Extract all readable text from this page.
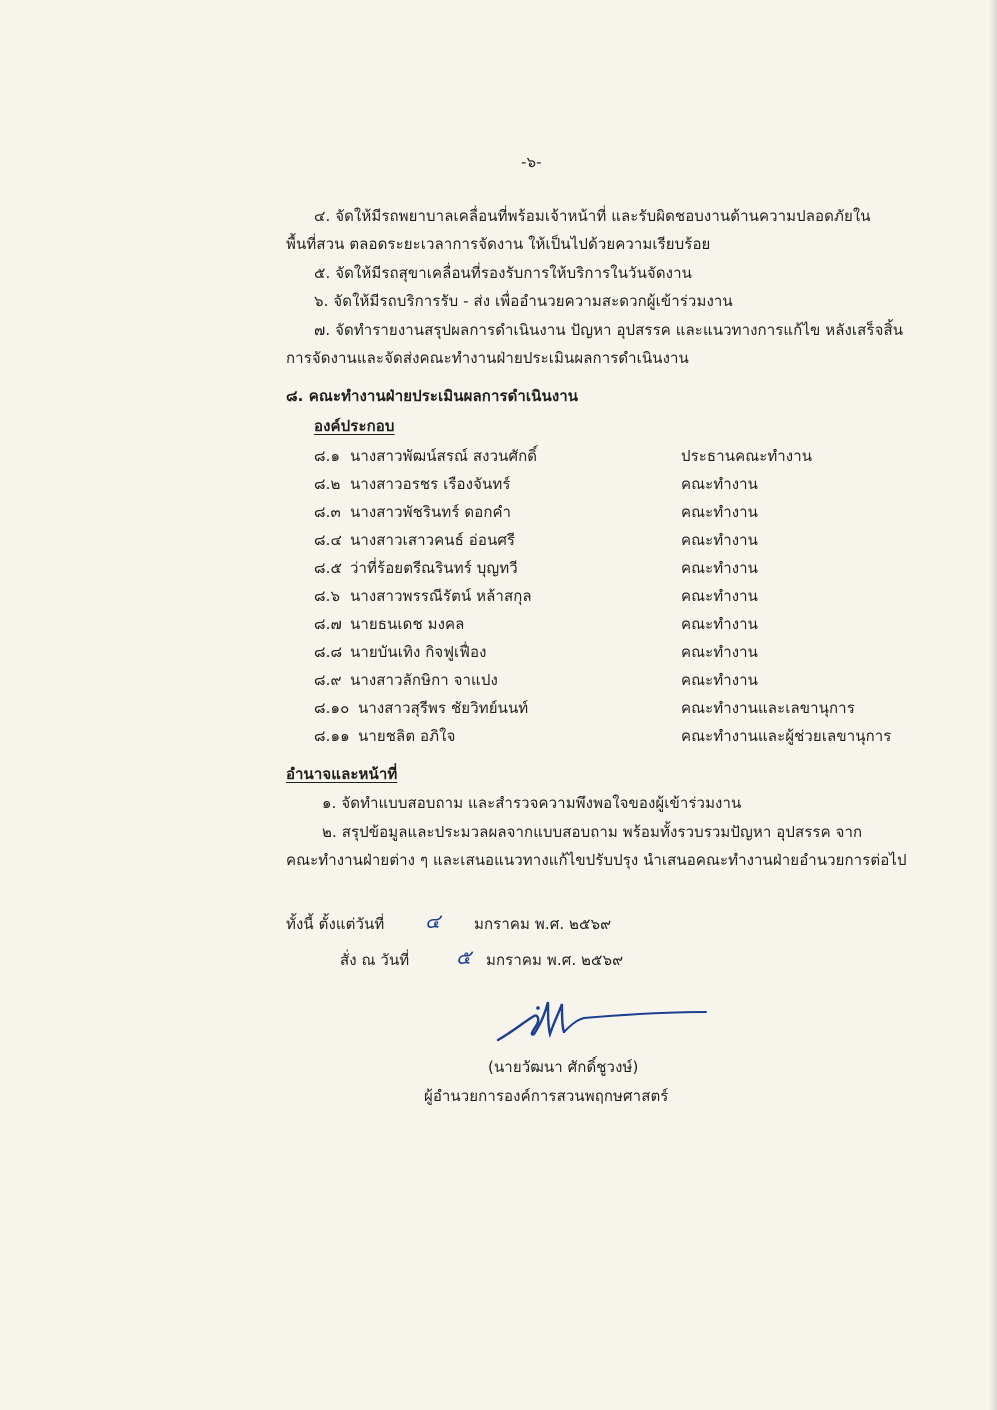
-๖-
๔. จัดให้มีรถพยาบาลเคลื่อนที่พร้อมเจ้าหน้าที่ และรับผิดชอบงานด้านความปลอดภัยใน
พื้นที่สวน ตลอดระยะเวลาการจัดงาน ให้เป็นไปด้วยความเรียบร้อย
๕. จัดให้มีรถสุขาเคลื่อนที่รองรับการให้บริการในวันจัดงาน
๖. จัดให้มีรถบริการรับ - ส่ง เพื่ออำนวยความสะดวกผู้เข้าร่วมงาน
๗. จัดทำรายงานสรุปผลการดำเนินงาน ปัญหา อุปสรรค และแนวทางการแก้ไข หลังเสร็จสิ้น
การจัดงานและจัดส่งคณะทำงานฝ่ายประเมินผลการดำเนินงาน
๘. คณะทำงานฝ่ายประเมินผลการดำเนินงาน
องค์ประกอบ
๘.๑ นางสาวพัฒน์สรณ์ สงวนศักดิ์	ประธานคณะทำงาน
๘.๒ นางสาวอรชร เรืองจันทร์	คณะทำงาน
๘.๓ นางสาวพัชรินทร์ ดอกคำ	คณะทำงาน
๘.๔ นางสาวเสาวคนธ์ อ่อนศรี	คณะทำงาน
๘.๕ ว่าที่ร้อยตรีณรินทร์ บุญทวี	คณะทำงาน
๘.๖ นางสาวพรรณีรัตน์ หล้าสกุล	คณะทำงาน
๘.๗ นายธนเดช มงคล	คณะทำงาน
๘.๘ นายบันเทิง กิจฟูเฟื่อง	คณะทำงาน
๘.๙ นางสาวลักษิกา จาแปง	คณะทำงาน
๘.๑๐ นางสาวสุรีพร ชัยวิทย์นนท์	คณะทำงานและเลขานุการ
๘.๑๑ นายชลิต อภิใจ	คณะทำงานและผู้ช่วยเลขานุการ
อำนาจและหน้าที่
๑. จัดทำแบบสอบถาม และสำรวจความพึงพอใจของผู้เข้าร่วมงาน
๒. สรุปข้อมูลและประมวลผลจากแบบสอบถาม พร้อมทั้งรวบรวมปัญหา อุปสรรค จาก
คณะทำงานฝ่ายต่าง ๆ และเสนอแนวทางแก้ไขปรับปรุง นำเสนอคณะทำงานฝ่ายอำนวยการต่อไป
ทั้งนี้ ตั้งแต่วันที่ ๔ มกราคม พ.ศ. ๒๕๖๙
สั่ง ณ วันที่ ๕ มกราคม พ.ศ. ๒๕๖๙
(นายวัฒนา ศักดิ์ชูวงษ์)
ผู้อำนวยการองค์การสวนพฤกษศาสตร์
